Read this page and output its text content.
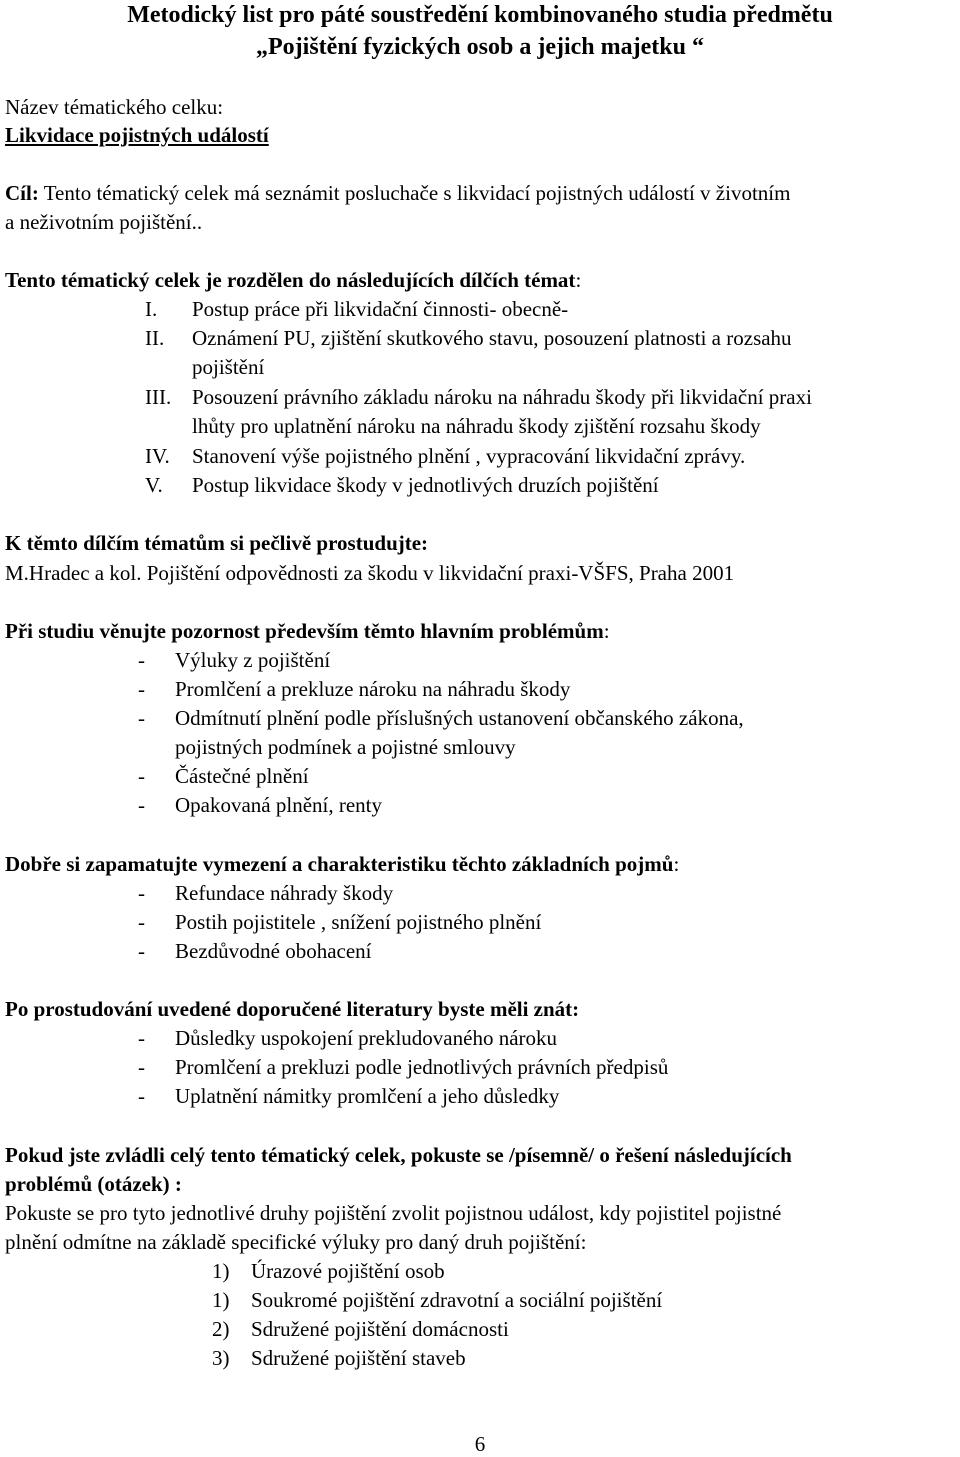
Metodický list pro páté soustředění kombinovaného studia předmětu
„Pojištění fyzických osob a jejich majetku “
Název tématického celku:
Likvidace pojistných událostí
Cíl: Tento tématický celek má seznámit posluchače s likvidací pojistných událostí v životním
a neživotním pojištění..
Tento tématický celek je rozdělen do následujících dílčích témat:
I. Postup práce při likvidační činnosti- obecně-
II. Oznámení PU, zjištění skutkového stavu, posouzení platnosti a rozsahu
pojištění
III. Posouzení právního základu nároku na náhradu škody při likvidační praxi
lhůty pro uplatnění nároku na náhradu škody zjištění rozsahu škody
IV. Stanovení výše pojistného plnění , vypracování likvidační zprávy.
V. Postup likvidace škody v jednotlivých druzích pojištění
K těmto dílčím tématům si pečlivě prostudujte:
M.Hradec a kol. Pojištění odpovědnosti za škodu v likvidační praxi-VŠFS, Praha 2001
Při studiu věnujte pozornost především těmto hlavním problémům:
- Výluky z pojištění
- Promlčení a prekluze nároku na náhradu škody
- Odmítnutí plnění podle příslušných ustanovení občanského zákona,
pojistných podmínek a pojistné smlouvy
- Částečné plnění
- Opakovaná plnění, renty
Dobře si zapamatujte vymezení a charakteristiku těchto základních pojmů:
- Refundace náhrady škody
- Postih pojistitele , snížení pojistného plnění
- Bezdůvodné obohacení
Po prostudování uvedené doporučené literatury byste měli znát:
- Důsledky uspokojení prekludovaného nároku
- Promlčení a prekluzi podle jednotlivých právních předpisů
- Uplatnění námitky promlčení a jeho důsledky
Pokud jste zvládli celý tento tématický celek, pokuste se /písemně/ o řešení následujících
problémů (otázek) :
Pokuste se pro tyto jednotlivé druhy pojištění zvolit pojistnou událost, kdy pojistitel pojistné
plnění odmítne na základě specifické výluky pro daný druh pojištění:
1) Úrazové pojištění osob
1) Soukromé pojištění zdravotní a sociální pojištění
2) Sdružené pojištění domácnosti
3) Sdružené pojištění staveb
6
